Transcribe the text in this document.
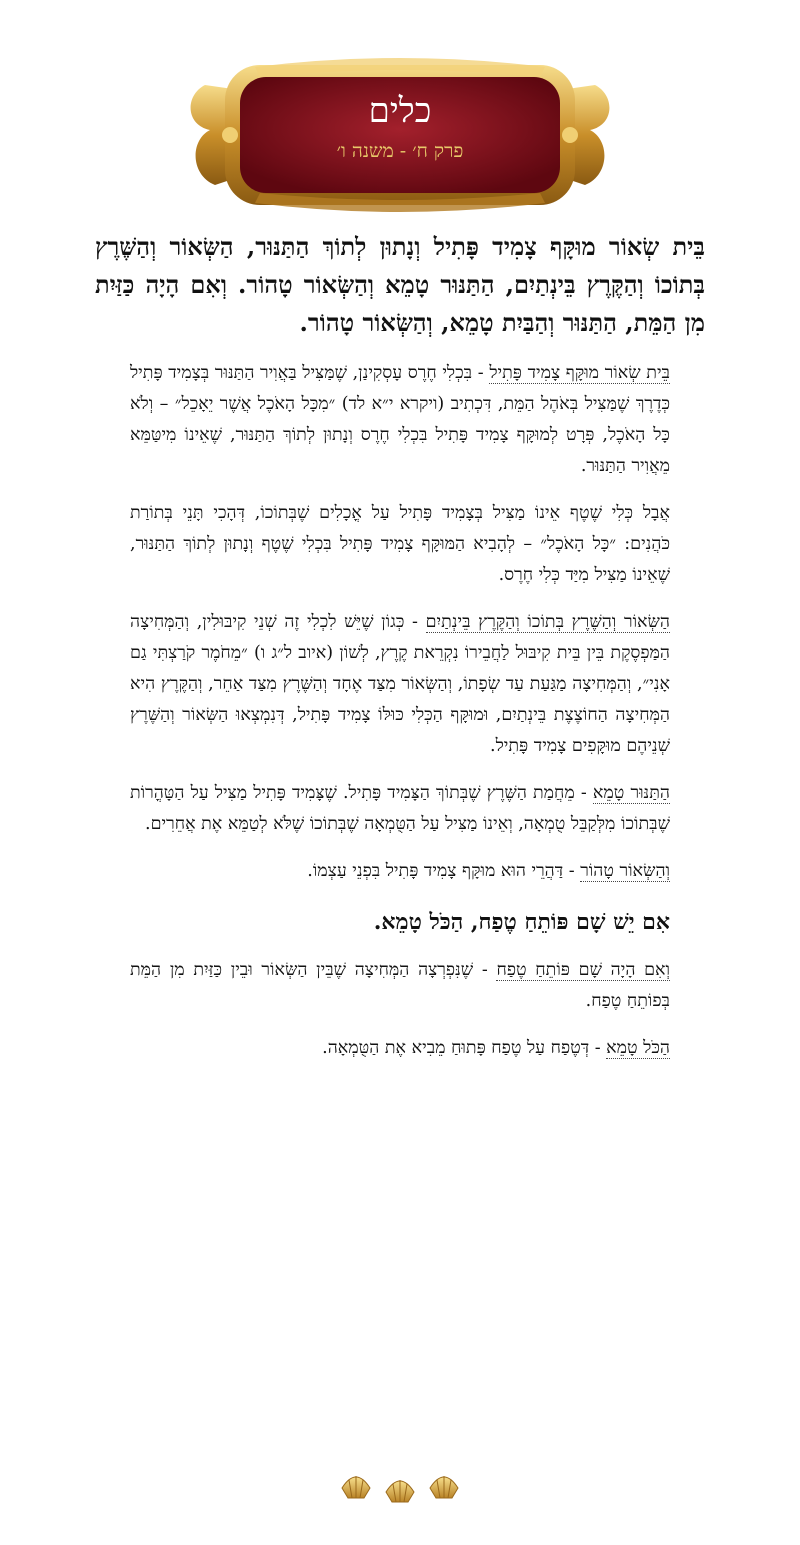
כלים
פרק ח׳ - משנה ו׳

בֵּית שְׂאוֹר מוּקָּף צָמִיד פָּתִיל וְנָתוּן לְתוֹךְ הַתַּנּוּר, הַשְּׂאוֹר וְהַשֶּׁרֶץ בְּתוֹכוֹ וְהַקֶּרֶץ בֵּינְתַיִם, הַתַּנּוּר טָמֵא וְהַשְּׂאוֹר טָהוֹר. וְאִם הָיָה כַּזַּיִת מִן הַמֵּת, הַתַּנּוּר וְהַבַּיִת טָמֵא, וְהַשְּׂאוֹר טָהוֹר.

בֵּית שְׂאוֹר מוּקָּף צָמִיד פָּתִיל - בִּכְלִי חֶרֶס עָסְקִינַן, שֶׁמַּצִּיל בַּאֲוִיר הַתַּנּוּר בְּצָמִיד פָּתִיל כְּדֶרֶךְ שֶׁמַּצִּיל בְּאֹהֶל הַמֵּת, דִּכְתִיב (ויקרא י״א לד) ״מִכָּל הָאֹכֶל אֲשֶׁר יֵאָכֵל״ – וְלֹא כָּל הָאֹכֶל, פְּרָט לְמוּקָּף צָמִיד פָּתִיל בִּכְלִי חֶרֶס וְנָתוּן לְתוֹךְ הַתַּנּוּר, שֶׁאֵינוֹ מִיטַּמֵּא מֵאֲוִיר הַתַּנּוּר.

אֲבָל כְּלִי שֶׁטֶף אֵינוֹ מַצִּיל בְּצָמִיד פָּתִיל עַל אֳכָלִים שֶׁבְּתוֹכוֹ, דְּהָכִי תָּנֵי בְּתוֹרַת כֹּהֲנִים: ״כָּל הָאֹכֶל״ – לְהָבִיא הַמּוּקָּף צָמִיד פָּתִיל בִּכְלִי שֶׁטֶף וְנָתוּן לְתוֹךְ הַתַּנּוּר, שֶׁאֵינוֹ מַצִּיל מִיַּד כְּלִי חֶרֶס.

הַשְּׂאוֹר וְהַשֶּׁרֶץ בְּתוֹכוֹ וְהַקֶּרֶץ בֵּינְתַיִם - כְּגוֹן שֶׁיֵּשׁ לִכְלִי זֶה שְׁנֵי קִיבּוּלִין, וְהַמְּחִיצָה הַמַּפְסֶקֶת בֵּין בֵּית קִיבּוּל לַחֲבֵירוֹ נִקְרֵאת קֶרֶץ, לְשׁוֹן (איוב ל״ג ו) ״מֵחֹמֶר קֹרַצְתִּי גַם אָנִי״, וְהַמְּחִיצָה מַגַּעַת עַד שְׂפָתוֹ, וְהַשְּׂאוֹר מִצַּד אֶחָד וְהַשֶּׁרֶץ מִצַּד אַחֵר, וְהַקֶּרֶץ הִיא הַמְּחִיצָה הַחוֹצֶצֶת בֵּינְתַיִם, וּמוּקָּף הַכְּלִי כּוּלּוֹ צָמִיד פָּתִיל, דְּנִמְצְאוּ הַשְּׂאוֹר וְהַשֶּׁרֶץ שְׁנֵיהֶם מוּקָּפִים צָמִיד פָּתִיל.

הַתַּנּוּר טָמֵא - מֵחֲמַת הַשֶּׁרֶץ שֶׁבְּתוֹךְ הַצָּמִיד פָּתִיל. שֶׁצָּמִיד פָּתִיל מַצִּיל עַל הַטָּהֳרוֹת שֶׁבְּתוֹכוֹ מִלְּקַבֵּל טֻמְאָה, וְאֵינוֹ מַצִּיל עַל הַטֻּמְאָה שֶׁבְּתוֹכוֹ שֶׁלֹּא לְטַמֵּא אֶת אֲחֵרִים.

וְהַשְּׂאוֹר טָהוֹר - דַּהֲרֵי הוּא מוּקָּף צָמִיד פָּתִיל בִּפְנֵי עַצְמוֹ.

אִם יֵשׁ שָׁם פּוֹתֵחַ טֶפַח, הַכֹּל טָמֵא.

וְאִם הָיָה שָׁם פּוֹתֵחַ טֶפַח - שֶׁנִּפְרְצָה הַמְּחִיצָה שֶׁבֵּין הַשְּׂאוֹר וּבֵין כַּזַּיִת מִן הַמֵּת בְּפוֹתֵחַ טֶפַח.

הַכֹּל טָמֵא - דְּטֶפַח עַל טֶפַח פָּתוּחַ מֵבִיא אֶת הַטֻּמְאָה.
